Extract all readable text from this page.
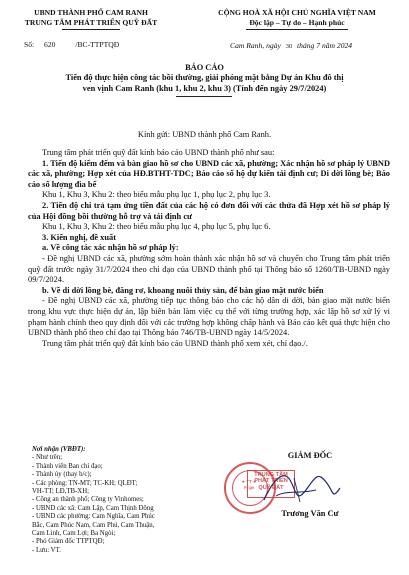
UBND THÀNH PHỐ CAM RANH
TRUNG TÂM PHÁT TRIỂN QUỸ ĐẤT
Số: 620	/BC-TTPTQĐ
CỘNG HOÀ XÃ HỘI CHỦ NGHĨA VIỆT NAM
Độc lập – Tự do – Hạnh phúc
Cam Ranh, ngày 30 tháng 7 năm 2024
BÁO CÁO
Tiến độ thực hiện công tác bồi thường, giải phóng mặt bằng Dự án Khu đô thị
ven vịnh Cam Ranh (khu 1, khu 2, khu 3) (Tính đến ngày 29/7/2024)
Kính gửi: UBND thành phố Cam Ranh.

Trung tâm phát triển quỹ đất kính báo cáo UBND thành phố như sau:

1. Tiến độ kiểm đếm và bàn giao hồ sơ cho UBND các xã, phường; Xác nhận hồ sơ pháp lý UBND các xã, phường; Hợp xét của HĐ.BTHT-TDC; Báo cáo số hộ dự kiến tái định cư; Di dời lồng bè; Báo cáo số lượng đìa bể

Khu 1, Khu 3, Khu 2: theo biểu mẫu phụ lục 1, phụ lục 2, phụ lục 3.

2. Tiến độ chi trả tạm ứng tiền đất của các hộ có đơn đối với các thửa đã Hợp xét hồ sơ pháp lý của Hội đồng bồi thường hỗ trợ và tái định cư

Khu 1, Khu 3, Khu 2: theo biểu mẫu phụ lục 4, phụ lục 5, phụ lục 6.

3. Kiến nghị, đề xuất

a. Về công tác xác nhận hồ sơ pháp lý:

- Đề nghị UBND các xã, phường sớm hoàn thành xác nhận hồ sơ và chuyển cho Trung tâm phát triển quỹ đất trước ngày 31/7/2024 theo chỉ đạo của UBND thành phố tại Thông báo số 1260/TB-UBND ngày 09/7/2024.

b. Về di dời lồng bè, đăng rơ, khoang nuôi thủy sản, để bàn giao mặt nước biển

- Đề nghị UBND các xã, phường tiếp tục thông báo cho các hộ dân di dời, bàn giao mặt nước biển trong khu vực thực hiện dự án, lập biên bản làm việc cụ thể với từng trường hợp, xác lập hồ sơ xử lý vi phạm hành chính theo quy định đối với các trường hợp không chấp hành và Báo cáo kết quả thực hiện cho UBND thành phố theo chỉ đạo tại Thông báo 746/TB-UBND ngày 14/5/2024.

Trung tâm phát triển quỹ đất kính báo cáo UBND thành phố xem xét, chỉ đạo./.

Nơi nhận (VBĐT):
- Như trên;
- Thành viên Ban chỉ đạo;
- Thành ủy (thay b/c);
- Các phòng: TN-MT; TC-KH; QLĐT;
VH-TT; LĐ,TB-XH;
- Công an thành phố; Công ty Vinhomes;
- UBND các xã: Cam Lập, Cam Thịnh Đông
- UBND các phường: Cam Nghĩa, Cam Phúc
Bắc, Cam Phúc Nam, Cam Phú, Cam Thuận,
Cam Linh, Cam Lợi; Ba Ngòi;
- Phó Giám đốc TTPTQĐ;
- Lưu: VT.
GIÁM ĐỐC
★ TT ★
PTQĐ
TRUNG TÂM PHÁT TRIỂN QUỸ ĐẤT
Trương Văn Cư
